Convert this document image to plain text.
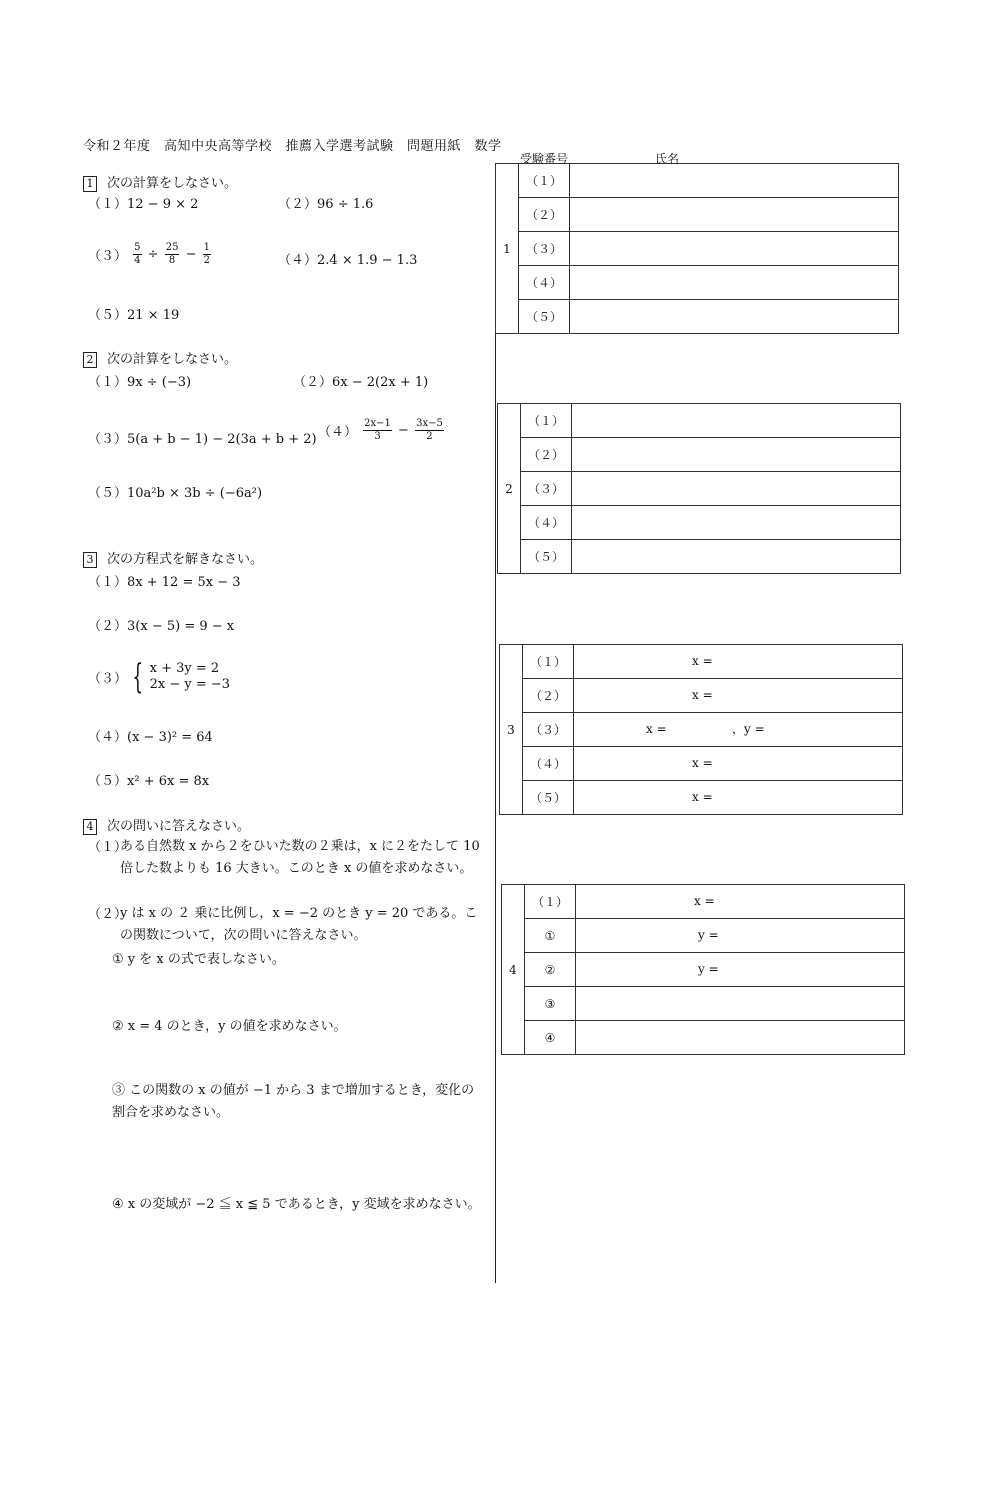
令和２年度　高知中央高等学校　推薦入学選考試験　問題用紙　数学
受験番号	氏名
1 次の計算をしなさい。
（１）12 − 9 × 2	（２）96 ÷ 1.6
$(3) \frac{5}{4} \div \frac{25}{8} - \frac{1}{2}$	（４）2.4 × 1.9 − 1.3
（５）21 × 19
2 次の計算をしなさい。
（１）9x ÷ (−3)	（２）6x − 2(2x + 1)
（３）5(a + b − 1) − 2(3a + b + 2) $(4) \frac{2x-1}{3} - \frac{3x-5}{2}$
（５）10a²b × 3b ÷ (−6a²)
3 次の方程式を解きなさい。
（１）8x + 12 = 5x − 3
（２）3(x − 5) = 9 − x
（３） { x + 3y = 2
2x − y = −3
（４）(x − 3)² = 64
（５）x² + 6x = 8x
4 次の問いに答えなさい。
（１）
ある自然数 x から２をひいた数の２乗は，x に２をたして 10 倍した数よりも 16 大きい。このとき x の値を求めなさい。
（２）
y は x の ２ 乗に比例し，x = −2 のとき y = 20 である。この関数について，次の問いに答えなさい。
① y を x の式で表しなさい。
② x = 4 のとき，y の値を求めなさい。
③ この関数の x の値が −1 から 3 まで増加するとき，変化の割合を求めなさい。
④ x の変域が −2 ≦ x ≦ 5 であるとき，y 変域を求めなさい。
1	（１）	
	（２）	
	（３）	
	（４）	
	（５）	
2	（１）	
	（２）	
	（３）	
	（４）	
	（５）	
3	（１）	x =

	（２）	x =

	（３）	x = ，y =

	（４）	x =

	（５）	x =
4	（１）	x =

	①	y =

	②	y =

	③	
	④	
